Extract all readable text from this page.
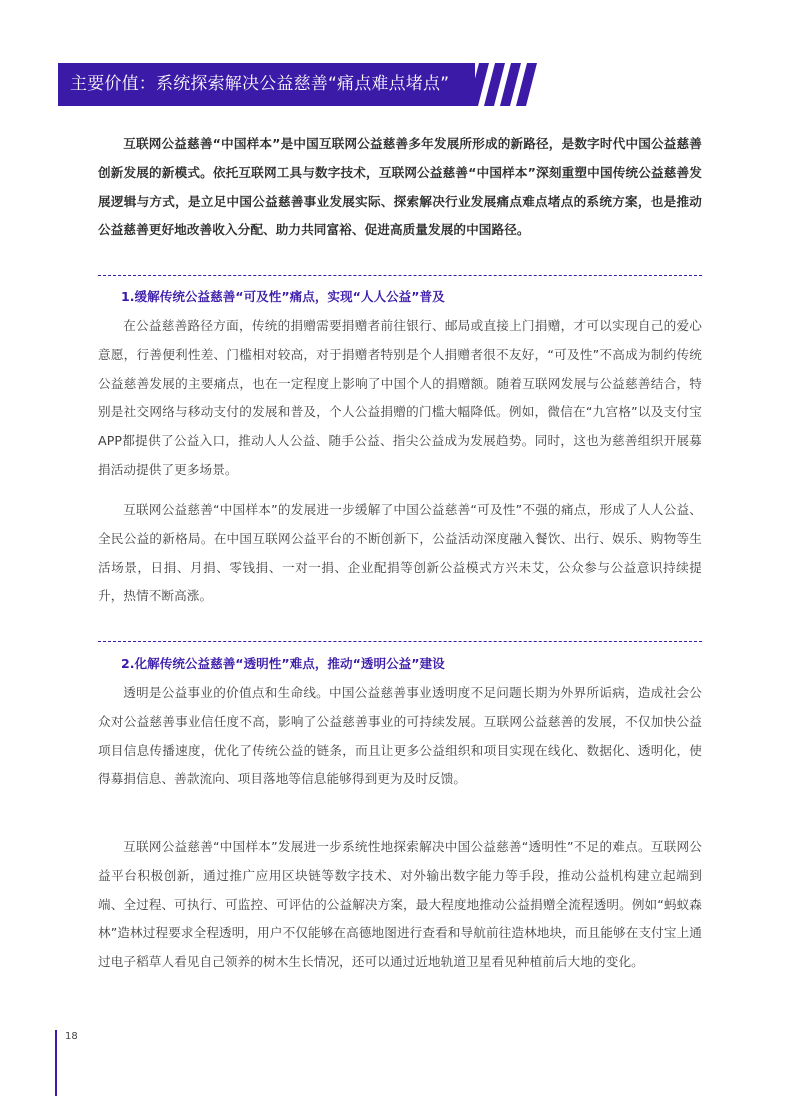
主要价值：系统探索解决公益慈善“痛点难点堵点”

互联网公益慈善“中国样本”是中国互联网公益慈善多年发展所形成的新路径，是数字时代中国公益慈善创新发展的新模式。依托互联网工具与数字技术，互联网公益慈善“中国样本”深刻重塑中国传统公益慈善发展逻辑与方式，是立足中国公益慈善事业发展实际、探索解决行业发展痛点难点堵点的系统方案，也是推动公益慈善更好地改善收入分配、助力共同富裕、促进高质量发展的中国路径。

1.缓解传统公益慈善“可及性”痛点，实现“人人公益”普及

在公益慈善路径方面，传统的捐赠需要捐赠者前往银行、邮局或直接上门捐赠，才可以实现自己的爱心意愿，行善便利性差、门槛相对较高，对于捐赠者特别是个人捐赠者很不友好，“可及性”不高成为制约传统公益慈善发展的主要痛点，也在一定程度上影响了中国个人的捐赠额。随着互联网发展与公益慈善结合，特别是社交网络与移动支付的发展和普及，个人公益捐赠的门槛大幅降低。例如，微信在“九宫格”以及支付宝APP都提供了公益入口，推动人人公益、随手公益、指尖公益成为发展趋势。同时，这也为慈善组织开展募捐活动提供了更多场景。

互联网公益慈善“中国样本”的发展进一步缓解了中国公益慈善“可及性”不强的痛点，形成了人人公益、全民公益的新格局。在中国互联网公益平台的不断创新下，公益活动深度融入餐饮、出行、娱乐、购物等生活场景，日捐、月捐、零钱捐、一对一捐、企业配捐等创新公益模式方兴未艾，公众参与公益意识持续提升，热情不断高涨。

2.化解传统公益慈善“透明性”难点，推动“透明公益”建设

透明是公益事业的价值点和生命线。中国公益慈善事业透明度不足问题长期为外界所诟病，造成社会公众对公益慈善事业信任度不高，影响了公益慈善事业的可持续发展。互联网公益慈善的发展，不仅加快公益项目信息传播速度，优化了传统公益的链条，而且让更多公益组织和项目实现在线化、数据化、透明化，使得募捐信息、善款流向、项目落地等信息能够得到更为及时反馈。

互联网公益慈善“中国样本”发展进一步系统性地探索解决中国公益慈善“透明性”不足的难点。互联网公益平台积极创新，通过推广应用区块链等数字技术、对外输出数字能力等手段，推动公益机构建立起端到端、全过程、可执行、可监控、可评估的公益解决方案，最大程度地推动公益捐赠全流程透明。例如“蚂蚁森林”造林过程要求全程透明，用户不仅能够在高德地图进行查看和导航前往造林地块，而且能够在支付宝上通过电子稻草人看见自己领养的树木生长情况，还可以通过近地轨道卫星看见种植前后大地的变化。

18
